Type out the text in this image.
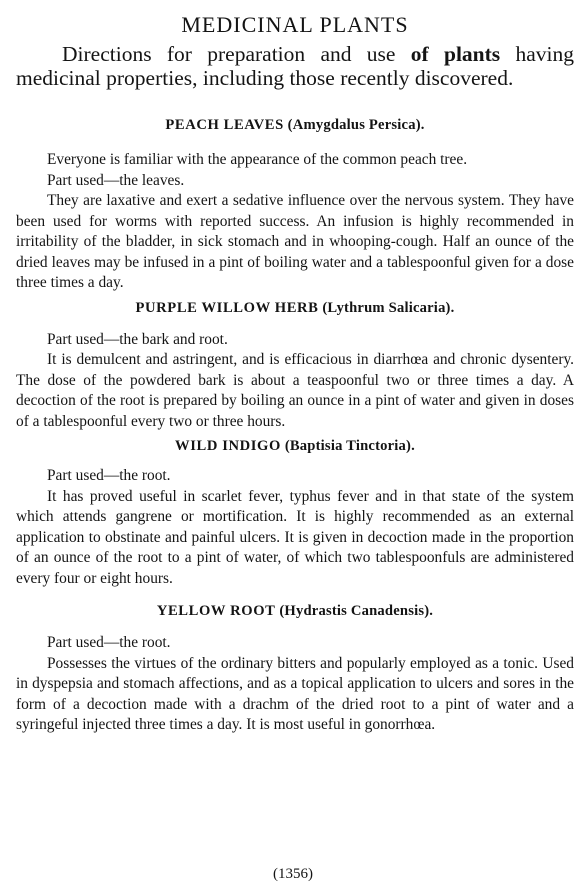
MEDICINAL PLANTS

Directions for preparation and use of plants having medicinal properties, including those recently discovered.

PEACH LEAVES (Amygdalus Persica).

Everyone is familiar with the appearance of the common peach tree.

Part used—the leaves.

They are laxative and exert a sedative influence over the nervous system. They have been used for worms with reported success. An infusion is highly recommended in irritability of the bladder, in sick stomach and in whooping-cough. Half an ounce of the dried leaves may be infused in a pint of boiling water and a tablespoonful given for a dose three times a day.

PURPLE WILLOW HERB (Lythrum Salicaria).

Part used—the bark and root.

It is demulcent and astringent, and is efficacious in diarrhœa and chronic dysentery. The dose of the powdered bark is about a teaspoonful two or three times a day. A decoction of the root is prepared by boiling an ounce in a pint of water and given in doses of a tablespoonful every two or three hours.

WILD INDIGO (Baptisia Tinctoria).

Part used—the root.

It has proved useful in scarlet fever, typhus fever and in that state of the system which attends gangrene or mortification. It is highly recommended as an external application to obstinate and painful ulcers. It is given in decoction made in the proportion of an ounce of the root to a pint of water, of which two tablespoonfuls are administered every four or eight hours.

YELLOW ROOT (Hydrastis Canadensis).

Part used—the root.

Possesses the virtues of the ordinary bitters and popularly employed as a tonic. Used in dyspepsia and stomach affections, and as a topical application to ulcers and sores in the form of a decoction made with a drachm of the dried root to a pint of water and a syringeful injected three times a day. It is most useful in gonorrhœa.

(1356)
